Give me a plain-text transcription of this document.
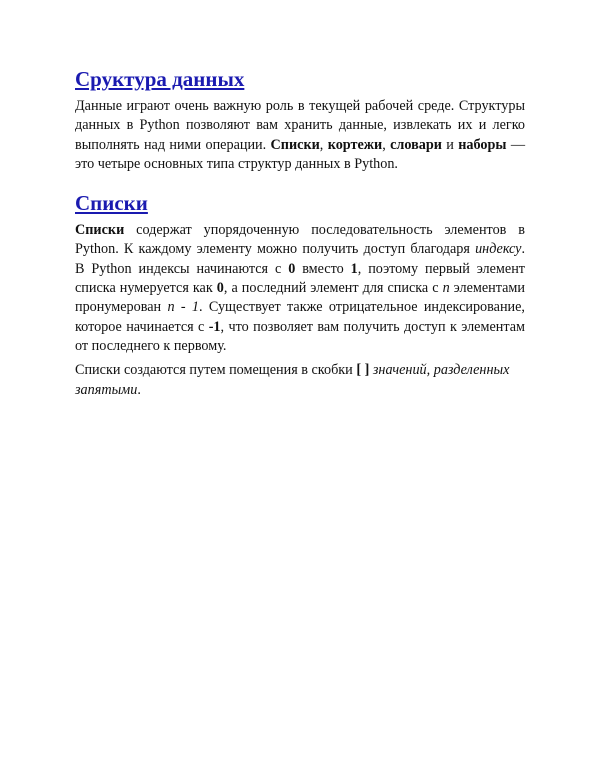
Сруктура данных

Данные играют очень важную роль в текущей рабочей среде. Структуры данных в Python позволяют вам хранить данные, извлекать их и легко выполнять над ними операции. Списки, кортежи, словари и наборы — это четыре основных типа структур данных в Python.

Списки

Списки содержат упорядоченную последовательность элементов в Python. К каждому элементу можно получить доступ благодаря индексу. В Python индексы начинаются с 0 вместо 1, поэтому первый элемент списка нумеруется как 0, а последний элемент для списка с n элементами пронумерован n - 1. Существует также отрицательное индексирование, которое начинается с -1, что позволяет вам получить доступ к элементам от последнего к первому.

Списки создаются путем помещения в скобки [ ] значений, разделенных запятыми.
